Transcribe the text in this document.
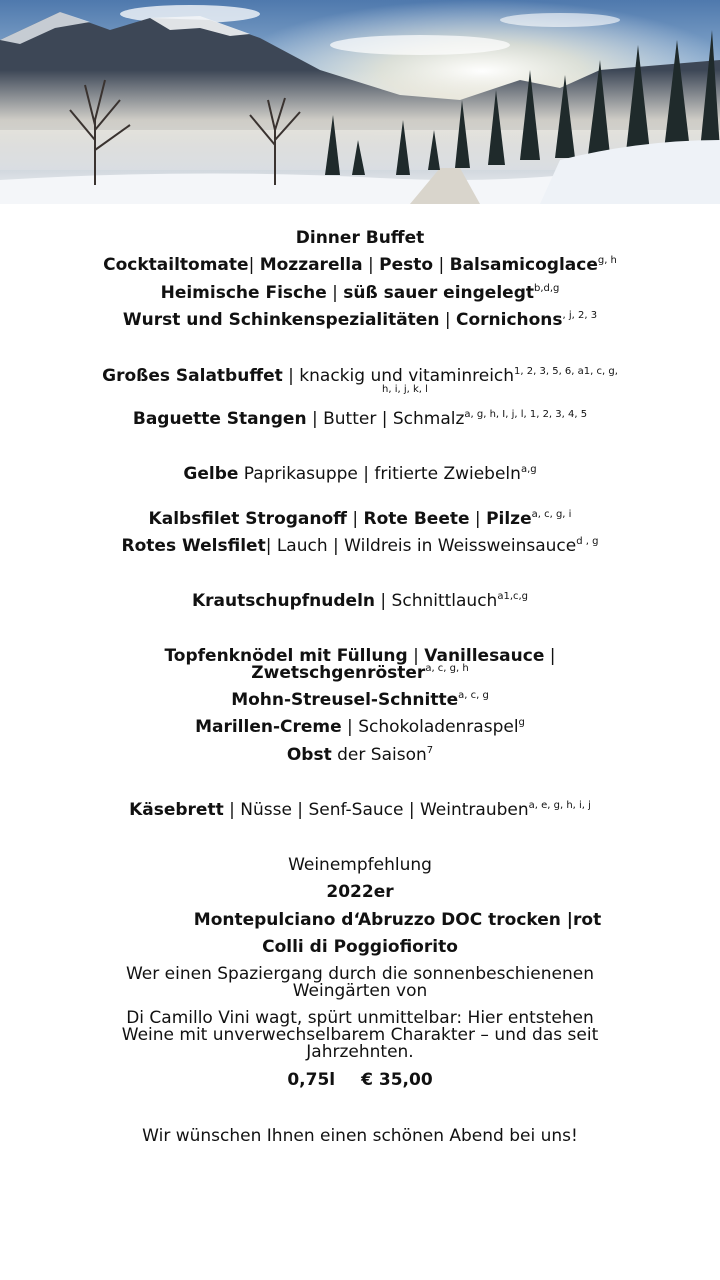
Dinner Buffet
Cocktailtomate| Mozzarella | Pesto | Balsamicoglace$^{g, h}$
Heimische Fische | süß sauer eingelegt$^{b,d,g}$
Wurst und Schinkenspezialitäten | Cornichons$^{, j, 2, 3}$
Großes Salatbuffet | knackig und vitaminreich$^{1, 2, 3, 5, 6, a1, c, g,}$
h, i, j, k, l
Baguette Stangen | Butter | Schmalz$^{a, g, h, I, j, l, 1, 2, 3, 4, 5}$
Gelbe Paprikasuppe | fritierte Zwiebeln$^{a,g}$
Kalbsfilet Stroganoff | Rote Beete | Pilze$^{a, c, g, i}$
Rotes Welsfilet| Lauch | Wildreis in Weissweinsauce$^{d , g}$
Krautschupfnudeln | Schnittlauch$^{a1,c,g}$
Topfenknödel mit Füllung | Vanillesauce |
Zwetschgenröster$^{a, c, g, h}$
Mohn-Streusel-Schnitte$^{a, c, g}$
Marillen-Creme | Schokoladenraspel$^g$
Obst der Saison$^7$
Käsebrett | Nüsse | Senf-Sauce | Weintrauben$^{a, e, g, h, i, j}$
Weinempfehlung
2022er
Montepulciano d‘Abruzzo DOC trocken |rot
Colli di Poggiofiorito
Wer einen Spaziergang durch die sonnenbeschienenen Weingärten von
Di Camillo Vini wagt, spürt unmittelbar: Hier entstehen Weine mit unverwechselbarem Charakter – und das seit Jahrzehnten.
0,75l € 35,00
Wir wünschen Ihnen einen schönen Abend bei uns!
